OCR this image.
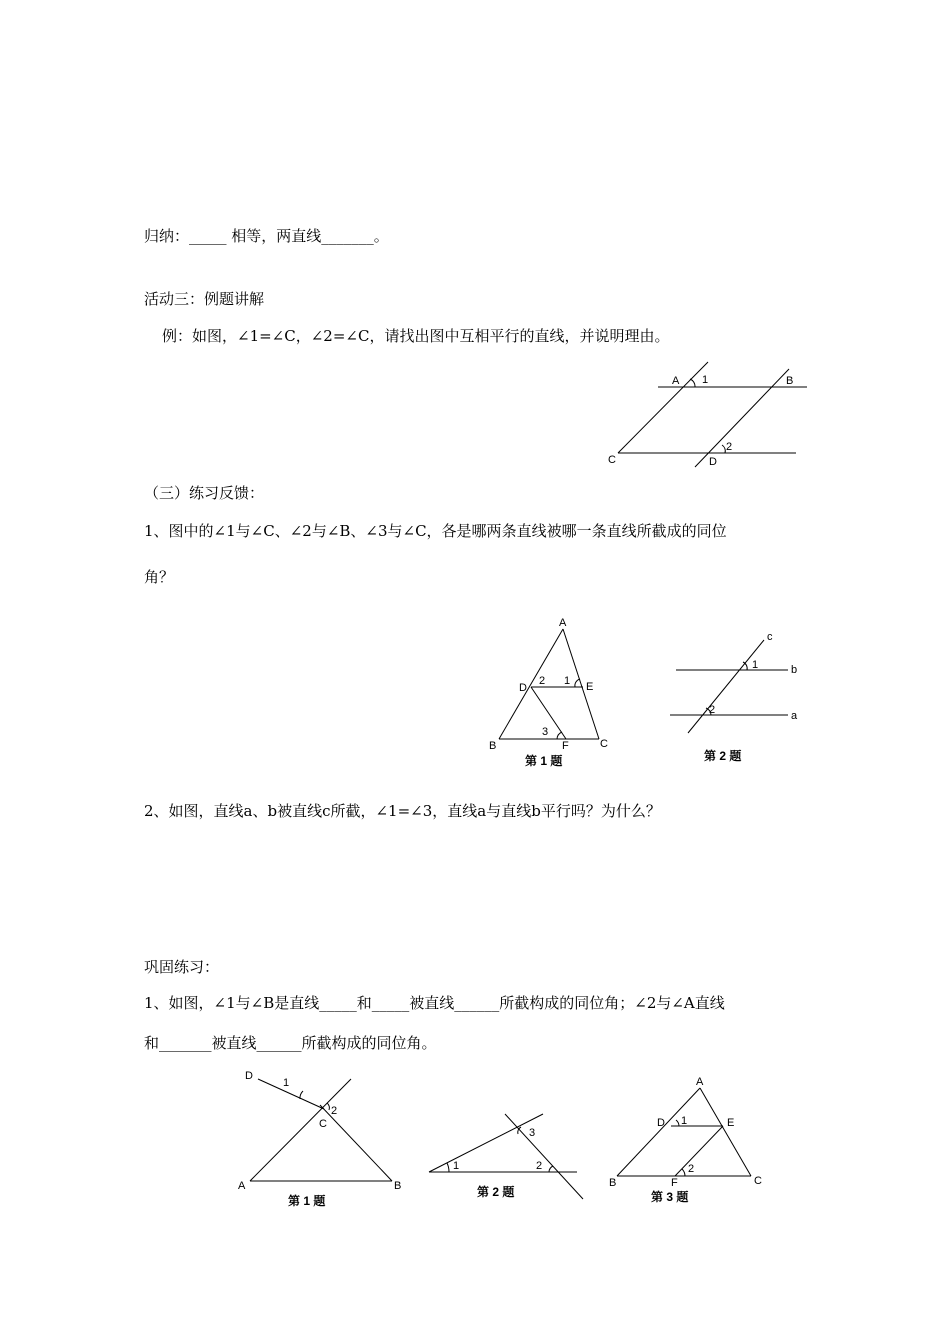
归纳：_____ 相等，两直线_______。
活动三：例题讲解
例：如图，∠1=∠C，∠2=∠C，请找出图中互相平行的直线，并说明理由。
A 1	B
C	D
2
（三）练习反馈：
1、图中的∠1与∠C、∠2与∠B、∠3与∠C，各是哪两条直线被哪一条直线所截成的同位
角？
A
D
2 1 E
3
B	F	C
第 1 题
c
1	b
2	a
第 2 题
2、如图，直线a、b被直线c所截，∠1=∠3，直线a与直线b平行吗？为什么？
巩固练习：
1、如图，∠1与∠B是直线_____和_____被直线______所截构成的同位角；∠2与∠A直线
和_______被直线______所截构成的同位角。
D
1
2
C
A	B
第 1 题
1	2
3
第 2 题
A
D 1	E
2
B	F	C
第 3 题
